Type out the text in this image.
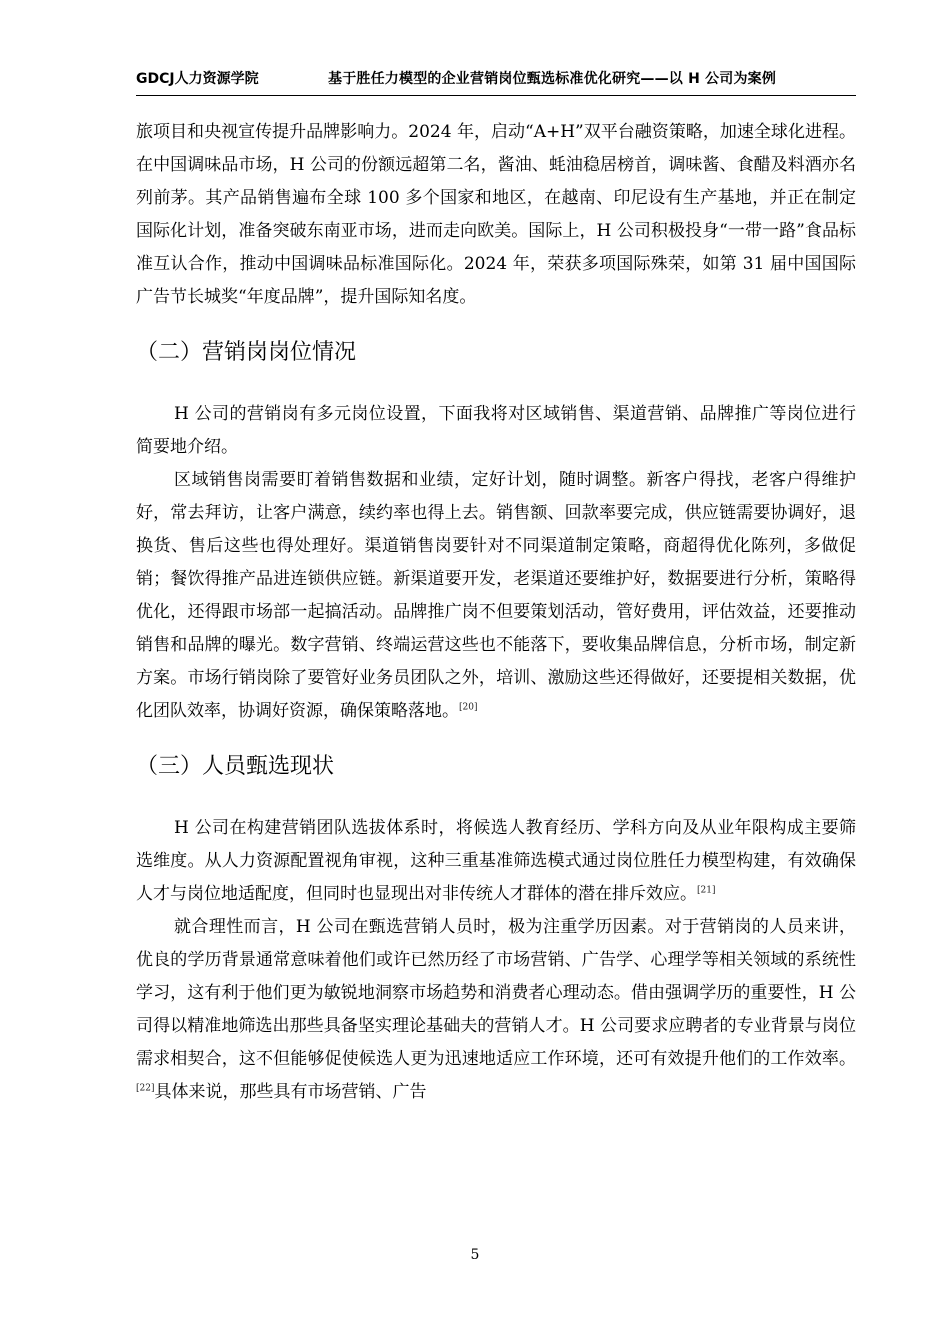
GDCJ人力资源学院	基于胜任力模型的企业营销岗位甄选标准优化研究——以 H 公司为案例

旅项目和央视宣传提升品牌影响力。2024 年，启动“A+H”双平台融资策略，加速全球化进程。在中国调味品市场，H 公司的份额远超第二名，酱油、蚝油稳居榜首，调味酱、食醋及料酒亦名列前茅。其产品销售遍布全球 100 多个国家和地区，在越南、印尼设有生产基地，并正在制定国际化计划，准备突破东南亚市场，进而走向欧美。国际上，H 公司积极投身“一带一路”食品标准互认合作，推动中国调味品标准国际化。2024 年，荣获多项国际殊荣，如第 31 届中国国际广告节长城奖“年度品牌”，提升国际知名度。

（二）营销岗岗位情况

H 公司的营销岗有多元岗位设置，下面我将对区域销售、渠道营销、品牌推广等岗位进行简要地介绍。

区域销售岗需要盯着销售数据和业绩，定好计划，随时调整。新客户得找，老客户得维护好，常去拜访，让客户满意，续约率也得上去。销售额、回款率要完成，供应链需要协调好，退换货、售后这些也得处理好。渠道销售岗要针对不同渠道制定策略，商超得优化陈列，多做促销；餐饮得推产品进连锁供应链。新渠道要开发，老渠道还要维护好，数据要进行分析，策略得优化，还得跟市场部一起搞活动。品牌推广岗不但要策划活动，管好费用，评估效益，还要推动销售和品牌的曝光。数字营销、终端运营这些也不能落下，要收集品牌信息，分析市场，制定新方案。市场行销岗除了要管好业务员团队之外，培训、激励这些还得做好，还要提相关数据，优化团队效率，协调好资源，确保策略落地。[20]

（三）人员甄选现状

H 公司在构建营销团队选拔体系时，将候选人教育经历、学科方向及从业年限构成主要筛选维度。从人力资源配置视角审视，这种三重基准筛选模式通过岗位胜任力模型构建，有效确保人才与岗位地适配度，但同时也显现出对非传统人才群体的潜在排斥效应。[21]

就合理性而言，H 公司在甄选营销人员时，极为注重学历因素。对于营销岗的人员来讲，优良的学历背景通常意味着他们或许已然历经了市场营销、广告学、心理学等相关领域的系统性学习，这有利于他们更为敏锐地洞察市场趋势和消费者心理动态。借由强调学历的重要性，H 公司得以精准地筛选出那些具备坚实理论基础夫的营销人才。H 公司要求应聘者的专业背景与岗位需求相契合，这不但能够促使候选人更为迅速地适应工作环境，还可有效提升他们的工作效率。[22]具体来说，那些具有市场营销、广告

5
